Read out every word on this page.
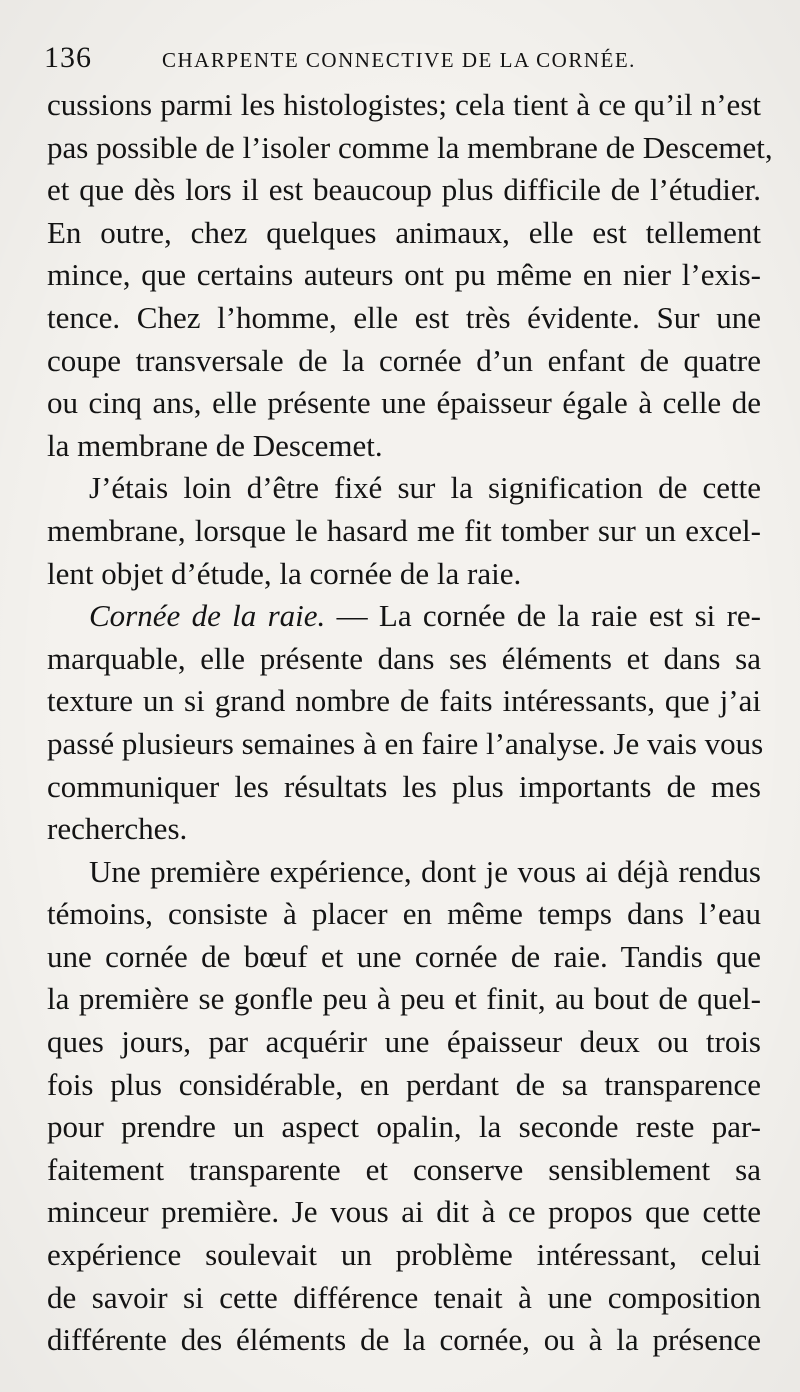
136	CHARPENTE CONNECTIVE DE LA CORNÉE.
cussions parmi les histologistes; cela tient à ce qu’il n’est
pas possible de l’isoler comme la membrane de Descemet,
et que dès lors il est beaucoup plus difficile de l’étudier.
En outre, chez quelques animaux, elle est tellement
mince, que certains auteurs ont pu même en nier l’exis-
tence. Chez l’homme, elle est très évidente. Sur une
coupe transversale de la cornée d’un enfant de quatre
ou cinq ans, elle présente une épaisseur égale à celle de
la membrane de Descemet.
J’étais loin d’être fixé sur la signification de cette
membrane, lorsque le hasard me fit tomber sur un excel-
lent objet d’étude, la cornée de la raie.
Cornée de la raie. — La cornée de la raie est si re-
marquable, elle présente dans ses éléments et dans sa
texture un si grand nombre de faits intéressants, que j’ai
passé plusieurs semaines à en faire l’analyse. Je vais vous
communiquer les résultats les plus importants de mes
recherches.
Une première expérience, dont je vous ai déjà rendus
témoins, consiste à placer en même temps dans l’eau
une cornée de bœuf et une cornée de raie. Tandis que
la première se gonfle peu à peu et finit, au bout de quel-
ques jours, par acquérir une épaisseur deux ou trois
fois plus considérable, en perdant de sa transparence
pour prendre un aspect opalin, la seconde reste par-
faitement transparente et conserve sensiblement sa
minceur première. Je vous ai dit à ce propos que cette
expérience soulevait un problème intéressant, celui
de savoir si cette différence tenait à une composition
différente des éléments de la cornée, ou à la présence
